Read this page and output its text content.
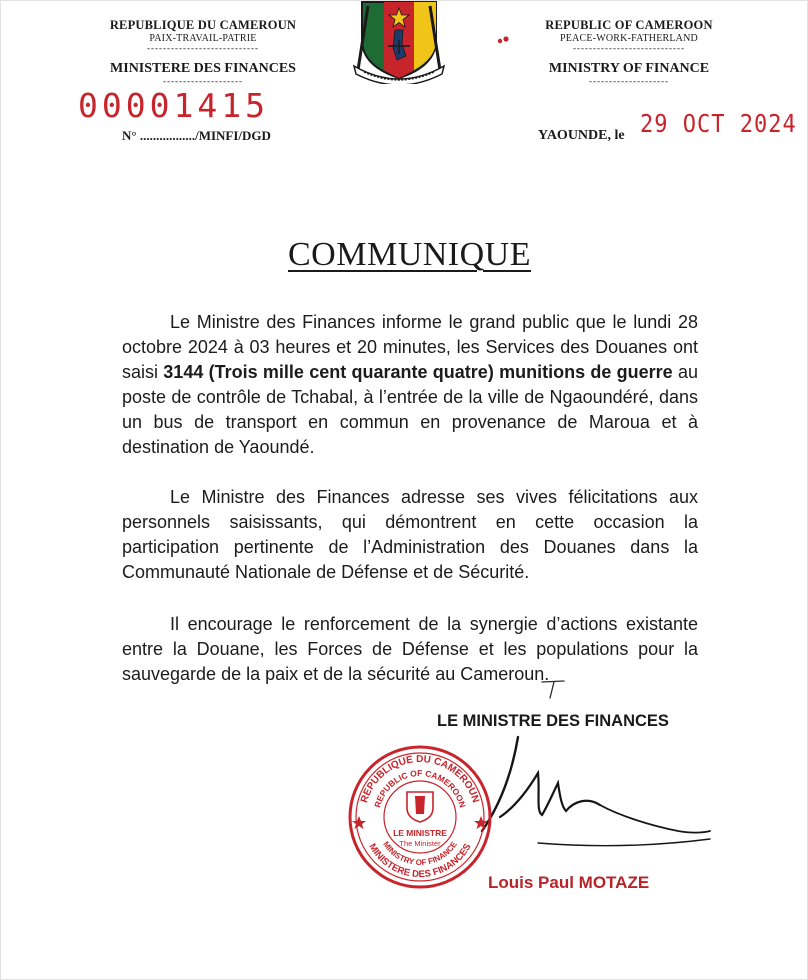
REPUBLIQUE DU CAMEROUN
PAIX-TRAVAIL-PATRIE
----------------------------
MINISTERE DES FINANCES
--------------------
REPUBLIC OF CAMEROON
PEACE-WORK-FATHERLAND
----------------------------
MINISTRY OF FINANCE
--------------------
00001415
N° ................./MINFI/DGD	YAOUNDE, le 29 OCT 2024
COMMUNIQUE
Le Ministre des Finances informe le grand public que le lundi 28 octobre 2024 à 03 heures et 20 minutes, les Services des Douanes ont saisi 3144 (Trois mille cent quarante quatre) munitions de guerre au poste de contrôle de Tchabal, à l’entrée de la ville de Ngaoundéré, dans un bus de transport en commun en provenance de Maroua et à destination de Yaoundé.
Le Ministre des Finances adresse ses vives félicitations aux personnels saisissants, qui démontrent en cette occasion la participation pertinente de l’Administration des Douanes dans la Communauté Nationale de Défense et de Sécurité.
Il encourage le renforcement de la synergie d’actions existante entre la Douane, les Forces de Défense et les populations pour la sauvegarde de la paix et de la sécurité au Cameroun.
LE MINISTRE DES FINANCES
REPUBLIQUE DU CAMEROUN
REPUBLIC OF CAMEROON
MINISTERE DES FINANCES
MINISTRY OF FINANCE
LE MINISTRE
The Minister
Louis Paul MOTAZE
